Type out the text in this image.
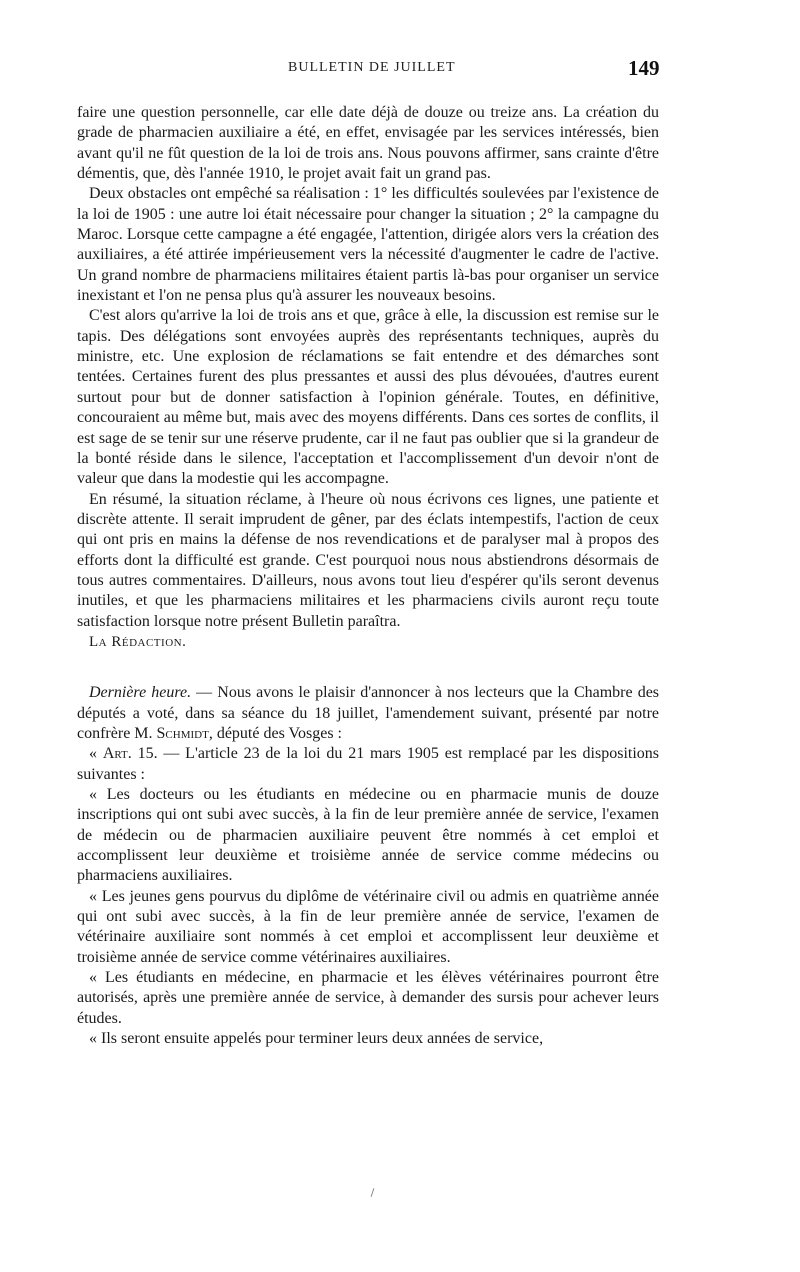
BULLETIN DE JUILLET	149

faire une question personnelle, car elle date déjà de douze ou treize ans. La création du grade de pharmacien auxiliaire a été, en effet, envisagée par les services intéressés, bien avant qu'il ne fût question de la loi de trois ans. Nous pouvons affirmer, sans crainte d'être démentis, que, dès l'année 1910, le projet avait fait un grand pas.

Deux obstacles ont empêché sa réalisation : 1° les difficultés soulevées par l'existence de la loi de 1905 : une autre loi était nécessaire pour changer la situation ; 2° la campagne du Maroc. Lorsque cette campagne a été engagée, l'attention, dirigée alors vers la création des auxiliaires, a été attirée impérieusement vers la nécessité d'augmenter le cadre de l'active. Un grand nombre de pharmaciens militaires étaient partis là-bas pour organiser un service inexistant et l'on ne pensa plus qu'à assurer les nouveaux besoins.

C'est alors qu'arrive la loi de trois ans et que, grâce à elle, la discussion est remise sur le tapis. Des délégations sont envoyées auprès des représentants techniques, auprès du ministre, etc. Une explosion de réclamations se fait entendre et des démarches sont tentées. Certaines furent des plus pressantes et aussi des plus dévouées, d'autres eurent surtout pour but de donner satisfaction à l'opinion générale. Toutes, en définitive, concouraient au même but, mais avec des moyens différents. Dans ces sortes de conflits, il est sage de se tenir sur une réserve prudente, car il ne faut pas oublier que si la grandeur de la bonté réside dans le silence, l'acceptation et l'accomplissement d'un devoir n'ont de valeur que dans la modestie qui les accompagne.

En résumé, la situation réclame, à l'heure où nous écrivons ces lignes, une patiente et discrète attente. Il serait imprudent de gêner, par des éclats intempestifs, l'action de ceux qui ont pris en mains la défense de nos revendications et de paralyser mal à propos des efforts dont la difficulté est grande. C'est pourquoi nous nous abstiendrons désormais de tous autres commentaires. D'ailleurs, nous avons tout lieu d'espérer qu'ils seront devenus inutiles, et que les pharmaciens militaires et les pharmaciens civils auront reçu toute satisfaction lorsque notre présent Bulletin paraîtra.

La Rédaction.

Dernière heure. — Nous avons le plaisir d'annoncer à nos lecteurs que la Chambre des députés a voté, dans sa séance du 18 juillet, l'amendement suivant, présenté par notre confrère M. Schmidt, député des Vosges :

« Art. 15. — L'article 23 de la loi du 21 mars 1905 est remplacé par les dispositions suivantes :

« Les docteurs ou les étudiants en médecine ou en pharmacie munis de douze inscriptions qui ont subi avec succès, à la fin de leur première année de service, l'examen de médecin ou de pharmacien auxiliaire peuvent être nommés à cet emploi et accomplissent leur deuxième et troisième année de service comme médecins ou pharmaciens auxiliaires.

« Les jeunes gens pourvus du diplôme de vétérinaire civil ou admis en quatrième année qui ont subi avec succès, à la fin de leur première année de service, l'examen de vétérinaire auxiliaire sont nommés à cet emploi et accomplissent leur deuxième et troisième année de service comme vétérinaires auxiliaires.

« Les étudiants en médecine, en pharmacie et les élèves vétérinaires pourront être autorisés, après une première année de service, à demander des sursis pour achever leurs études.

« Ils seront ensuite appelés pour terminer leurs deux années de service,
